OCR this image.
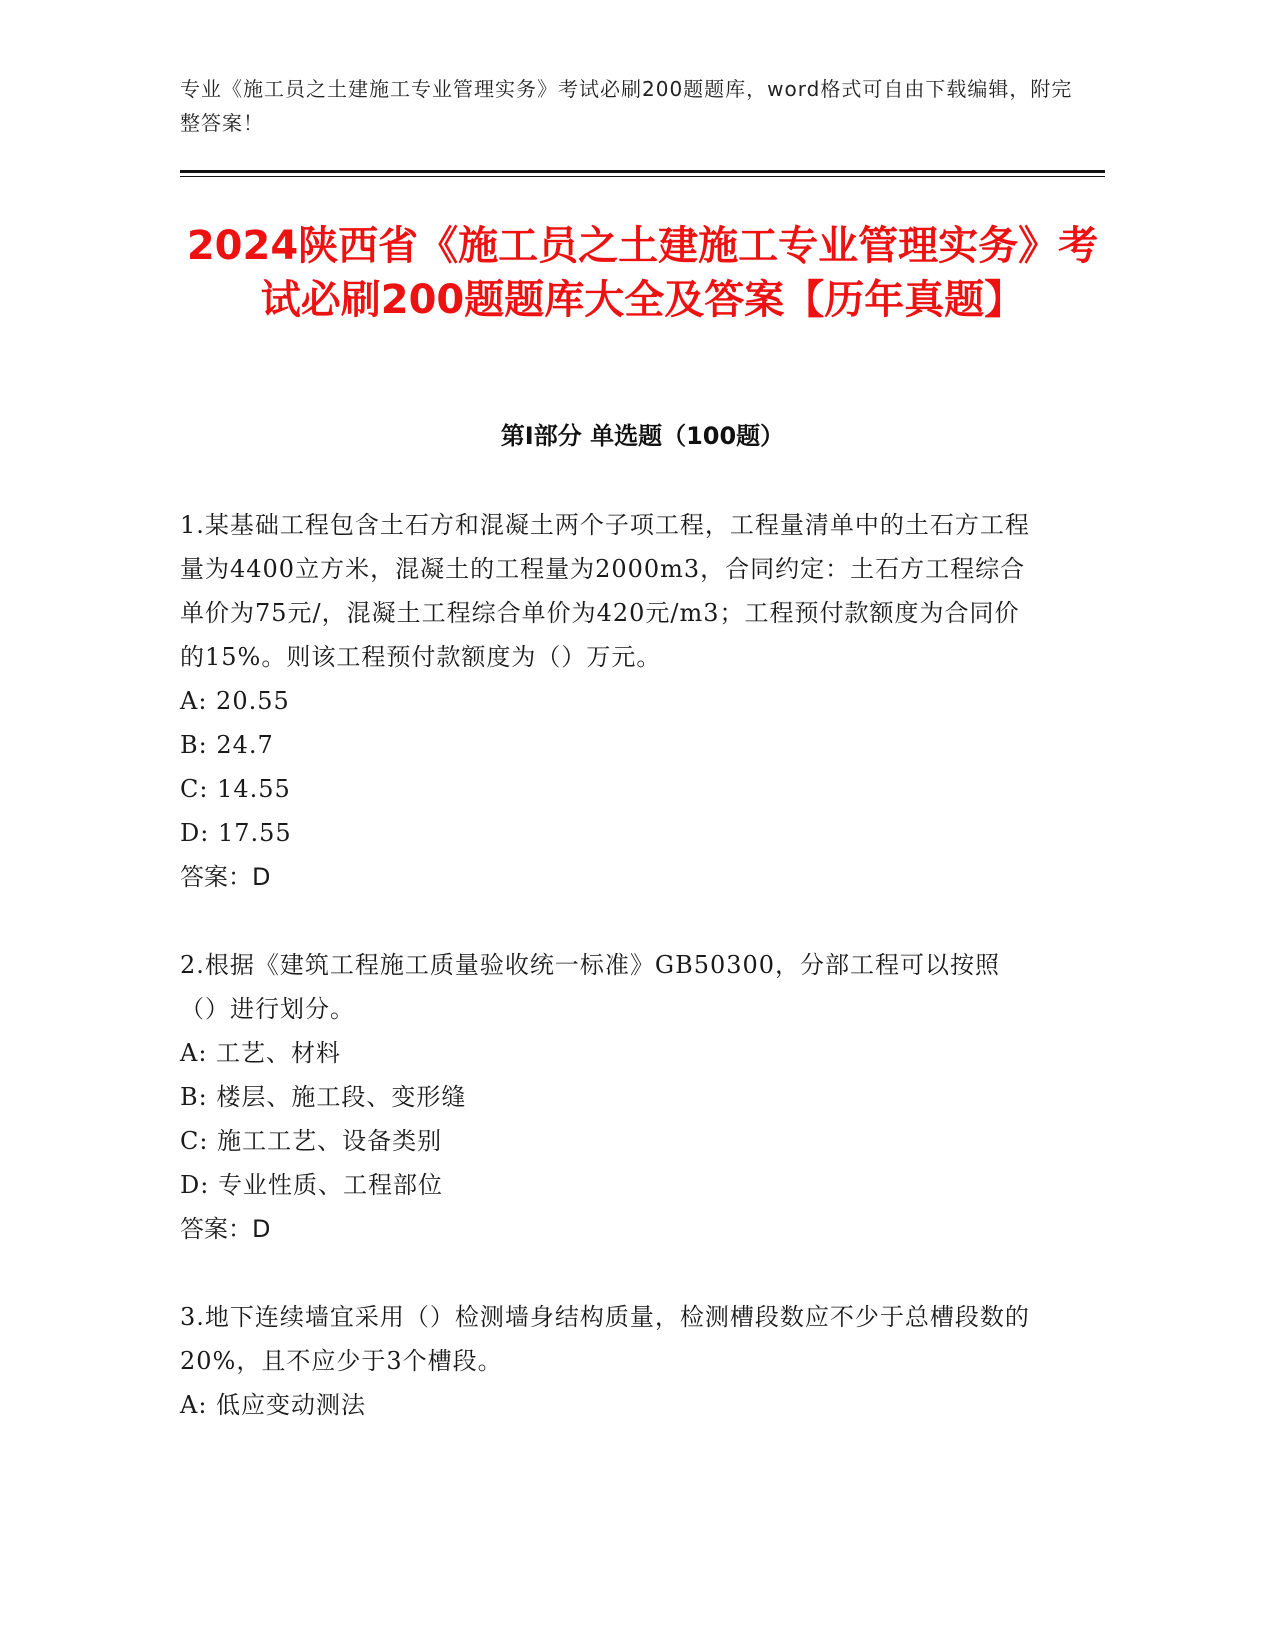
专业《施工员之土建施工专业管理实务》考试必刷200题题库，word格式可自由下载编辑，附完整答案！
2024陕西省《施工员之土建施工专业管理实务》考试必刷200题题库大全及答案【历年真题】
第I部分 单选题（100题）

1.某基础工程包含土石方和混凝土两个子项工程，工程量清单中的土石方工程量为4400立方米，混凝土的工程量为2000m3，合同约定：土石方工程综合单价为75元/，混凝土工程综合单价为420元/m3；工程预付款额度为合同价的15%。则该工程预付款额度为（）万元。

A: 20.55

B: 24.7

C: 14.55

D: 17.55

答案：D

2.根据《建筑工程施工质量验收统一标准》GB50300，分部工程可以按照（）进行划分。

A: 工艺、材料

B: 楼层、施工段、变形缝

C: 施工工艺、设备类别

D: 专业性质、工程部位

答案：D

3.地下连续墙宜采用（）检测墙身结构质量，检测槽段数应不少于总槽段数的20%，且不应少于3个槽段。

A: 低应变动测法
